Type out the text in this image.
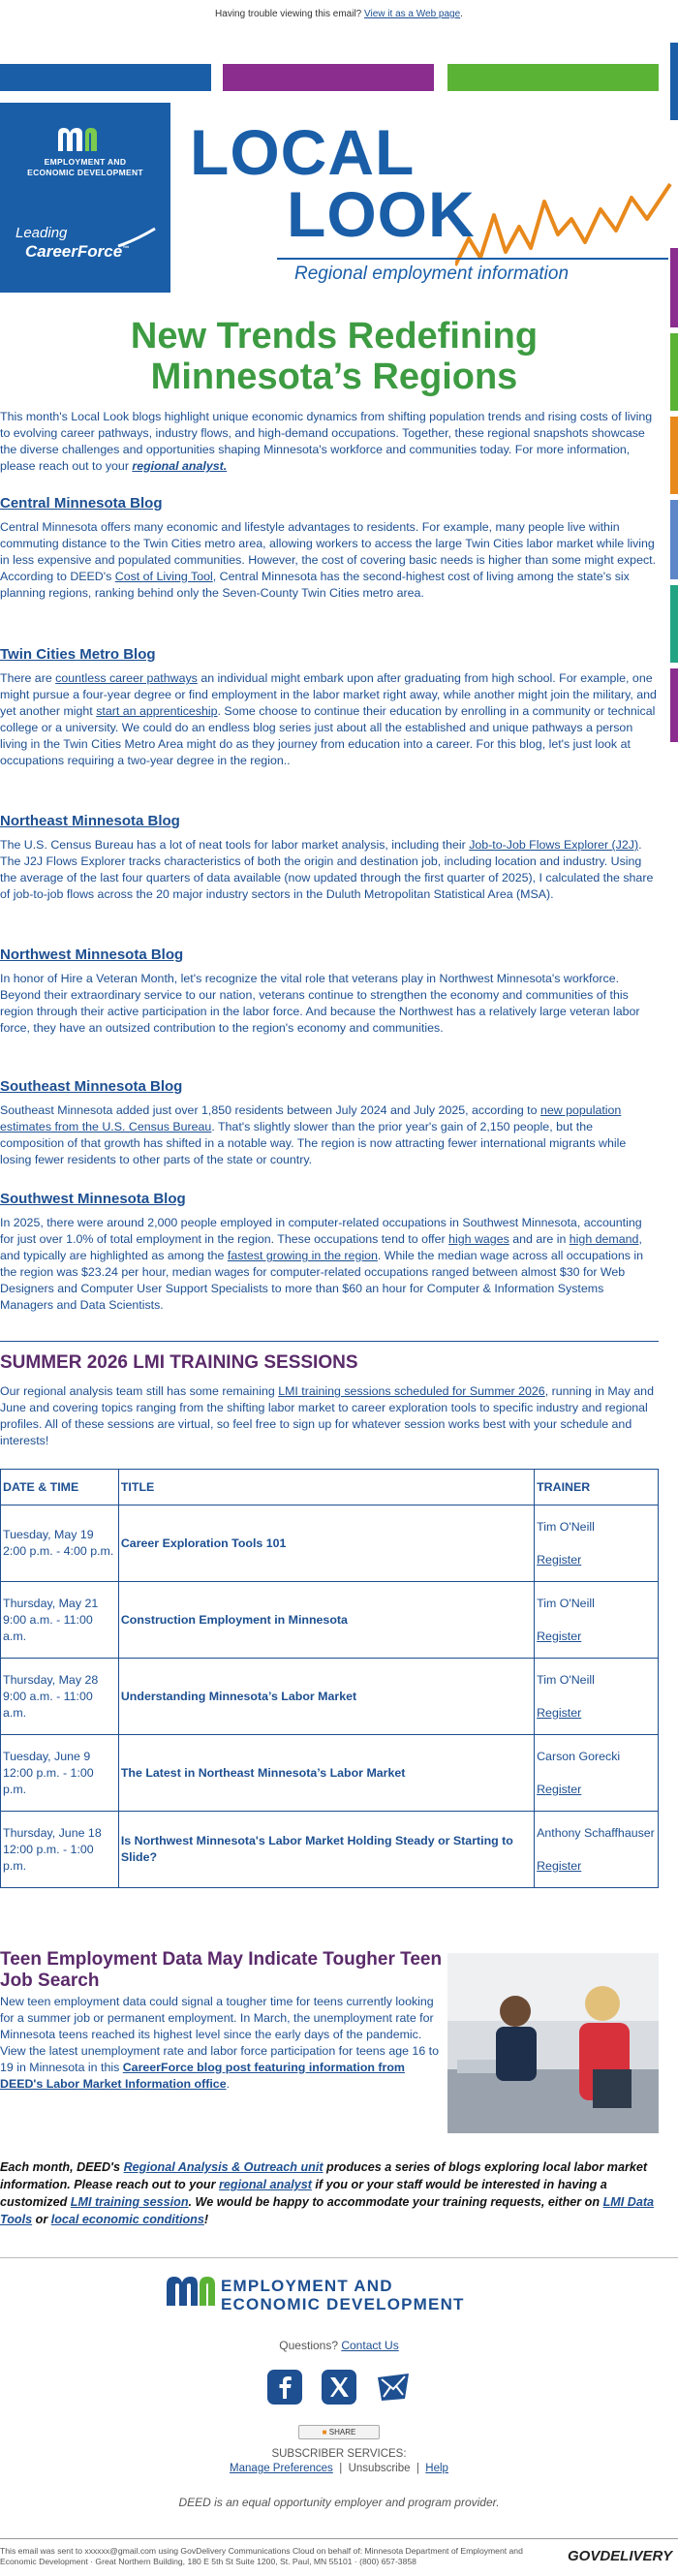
Having trouble viewing this email? View it as a Web page.
EMPLOYMENT AND
ECONOMIC DEVELOPMENT
Leading
CareerForce™
LOCAL
LOOK
Regional employment information
New Trends Redefining
Minnesota’s Regions

This month's Local Look blogs highlight unique economic dynamics from shifting population trends and rising costs of living to evolving career pathways, industry flows, and high-demand occupations. Together, these regional snapshots showcase the diverse challenges and opportunities shaping Minnesota's workforce and communities today. For more information, please reach out to your regional analyst.

Central Minnesota Blog

Central Minnesota offers many economic and lifestyle advantages to residents. For example, many people live within commuting distance to the Twin Cities metro area, allowing workers to access the large Twin Cities labor market while living in less expensive and populated communities. However, the cost of covering basic needs is higher than some might expect. According to DEED's Cost of Living Tool, Central Minnesota has the second-highest cost of living among the state's six planning regions, ranking behind only the Seven-County Twin Cities metro area.

Twin Cities Metro Blog

There are countless career pathways an individual might embark upon after graduating from high school. For example, one might pursue a four-year degree or find employment in the labor market right away, while another might join the military, and yet another might start an apprenticeship. Some choose to continue their education by enrolling in a community or technical college or a university. We could do an endless blog series just about all the established and unique pathways a person living in the Twin Cities Metro Area might do as they journey from education into a career. For this blog, let's just look at occupations requiring a two-year degree in the region..

Northeast Minnesota Blog

The U.S. Census Bureau has a lot of neat tools for labor market analysis, including their Job-to-Job Flows Explorer (J2J). The J2J Flows Explorer tracks characteristics of both the origin and destination job, including location and industry. Using the average of the last four quarters of data available (now updated through the first quarter of 2025), I calculated the share of job-to-job flows across the 20 major industry sectors in the Duluth Metropolitan Statistical Area (MSA).

Northwest Minnesota Blog

In honor of Hire a Veteran Month, let's recognize the vital role that veterans play in Northwest Minnesota's workforce. Beyond their extraordinary service to our nation, veterans continue to strengthen the economy and communities of this region through their active participation in the labor force. And because the Northwest has a relatively large veteran labor force, they have an outsized contribution to the region's economy and communities.

Southeast Minnesota Blog

Southeast Minnesota added just over 1,850 residents between July 2024 and July 2025, according to new population estimates from the U.S. Census Bureau. That's slightly slower than the prior year's gain of 2,150 people, but the composition of that growth has shifted in a notable way. The region is now attracting fewer international migrants while losing fewer residents to other parts of the state or country.

Southwest Minnesota Blog

In 2025, there were around 2,000 people employed in computer-related occupations in Southwest Minnesota, accounting for just over 1.0% of total employment in the region. These occupations tend to offer high wages and are in high demand, and typically are highlighted as among the fastest growing in the region. While the median wage across all occupations in the region was $23.24 per hour, median wages for computer-related occupations ranged between almost $30 for Web Designers and Computer User Support Specialists to more than $60 an hour for Computer & Information Systems Managers and Data Scientists.

SUMMER 2026 LMI TRAINING SESSIONS

Our regional analysis team still has some remaining LMI training sessions scheduled for Summer 2026, running in May and June and covering topics ranging from the shifting labor market to career exploration tools to specific industry and regional profiles. All of these sessions are virtual, so feel free to sign up for whatever session works best with your schedule and interests!

DATE & TIME	TITLE	TRAINER
Tuesday, May 19
2:00 p.m. - 4:00 p.m.	Career Exploration Tools 101	Tim O'Neill

Register
Thursday, May 21
9:00 a.m. - 11:00 a.m.	Construction Employment in Minnesota	Tim O'Neill

Register
Thursday, May 28
9:00 a.m. - 11:00 a.m.	Understanding Minnesota’s Labor Market	Tim O'Neill

Register
Tuesday, June 9
12:00 p.m. - 1:00 p.m.	The Latest in Northeast Minnesota’s Labor Market	Carson Gorecki

Register
Thursday, June 18
12:00 p.m. - 1:00 p.m.	Is Northwest Minnesota's Labor Market Holding Steady or Starting to Slide?	Anthony Schaffhauser

Register
Teen Employment Data May Indicate Tougher Teen Job Search
New teen employment data could signal a tougher time for teens currently looking for a summer job or permanent employment. In March, the unemployment rate for Minnesota teens reached its highest level since the early days of the pandemic. View the latest unemployment rate and labor force participation for teens age 16 to 19 in Minnesota in this CareerForce blog post featuring information from DEED's Labor Market Information office.
Each month, DEED's Regional Analysis & Outreach unit produces a series of blogs exploring local labor market information. Please reach out to your regional analyst if you or your staff would be interested in having a customized LMI training session. We would be happy to accommodate your training requests, either on LMI Data Tools or local economic conditions!
EMPLOYMENT AND
ECONOMIC DEVELOPMENT
Questions? Contact Us
■ SHARE
SUBSCRIBER SERVICES:
Manage Preferences | Unsubscribe | Help
DEED is an equal opportunity employer and program provider.
This email was sent to xxxxxx@gmail.com using GovDelivery Communications Cloud on behalf of: Minnesota Department of Employment and Economic Development · Great Northern Building, 180 E 5th St Suite 1200, St. Paul, MN 55101 · (800) 657-3858	GOVDELIVERY
